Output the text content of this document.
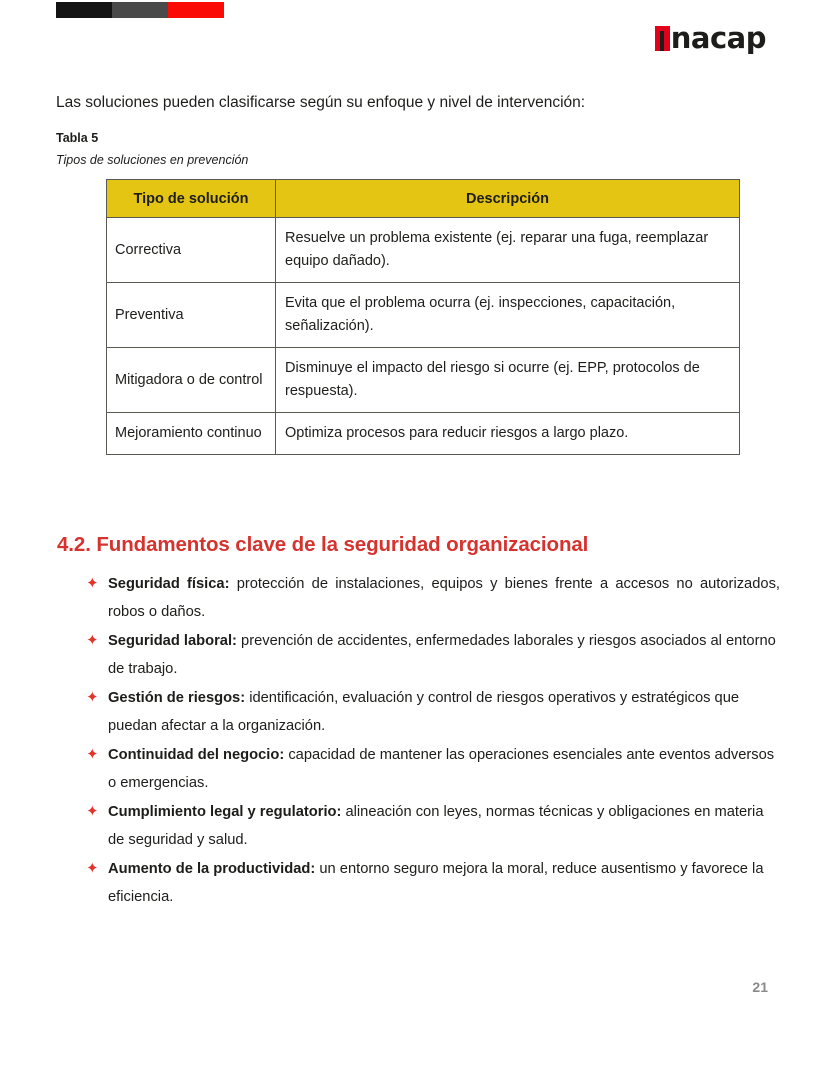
nacap
Las soluciones pueden clasificarse según su enfoque y nivel de intervención:
Tabla 5
Tipos de soluciones en prevención
Tipo de solución	Descripción
Correctiva	Resuelve un problema existente (ej. reparar una fuga, reemplazar equipo dañado).
Preventiva	Evita que el problema ocurra (ej. inspecciones, capacitación, señalización).
Mitigadora o de control	Disminuye el impacto del riesgo si ocurre (ej. EPP, protocolos de respuesta).
Mejoramiento continuo	Optimiza procesos para reducir riesgos a largo plazo.
4.2. Fundamentos clave de la seguridad organizacional
✦ Seguridad física: protección de instalaciones, equipos y bienes frente a accesos no autorizados, robos o daños.
✦ Seguridad laboral: prevención de accidentes, enfermedades laborales y riesgos asociados al entorno de trabajo.
✦ Gestión de riesgos: identificación, evaluación y control de riesgos operativos y estratégicos que puedan afectar a la organización.
✦ Continuidad del negocio: capacidad de mantener las operaciones esenciales ante eventos adversos o emergencias.
✦ Cumplimiento legal y regulatorio: alineación con leyes, normas técnicas y obligaciones en materia de seguridad y salud.
✦ Aumento de la productividad: un entorno seguro mejora la moral, reduce ausentismo y favorece la eficiencia.
21
